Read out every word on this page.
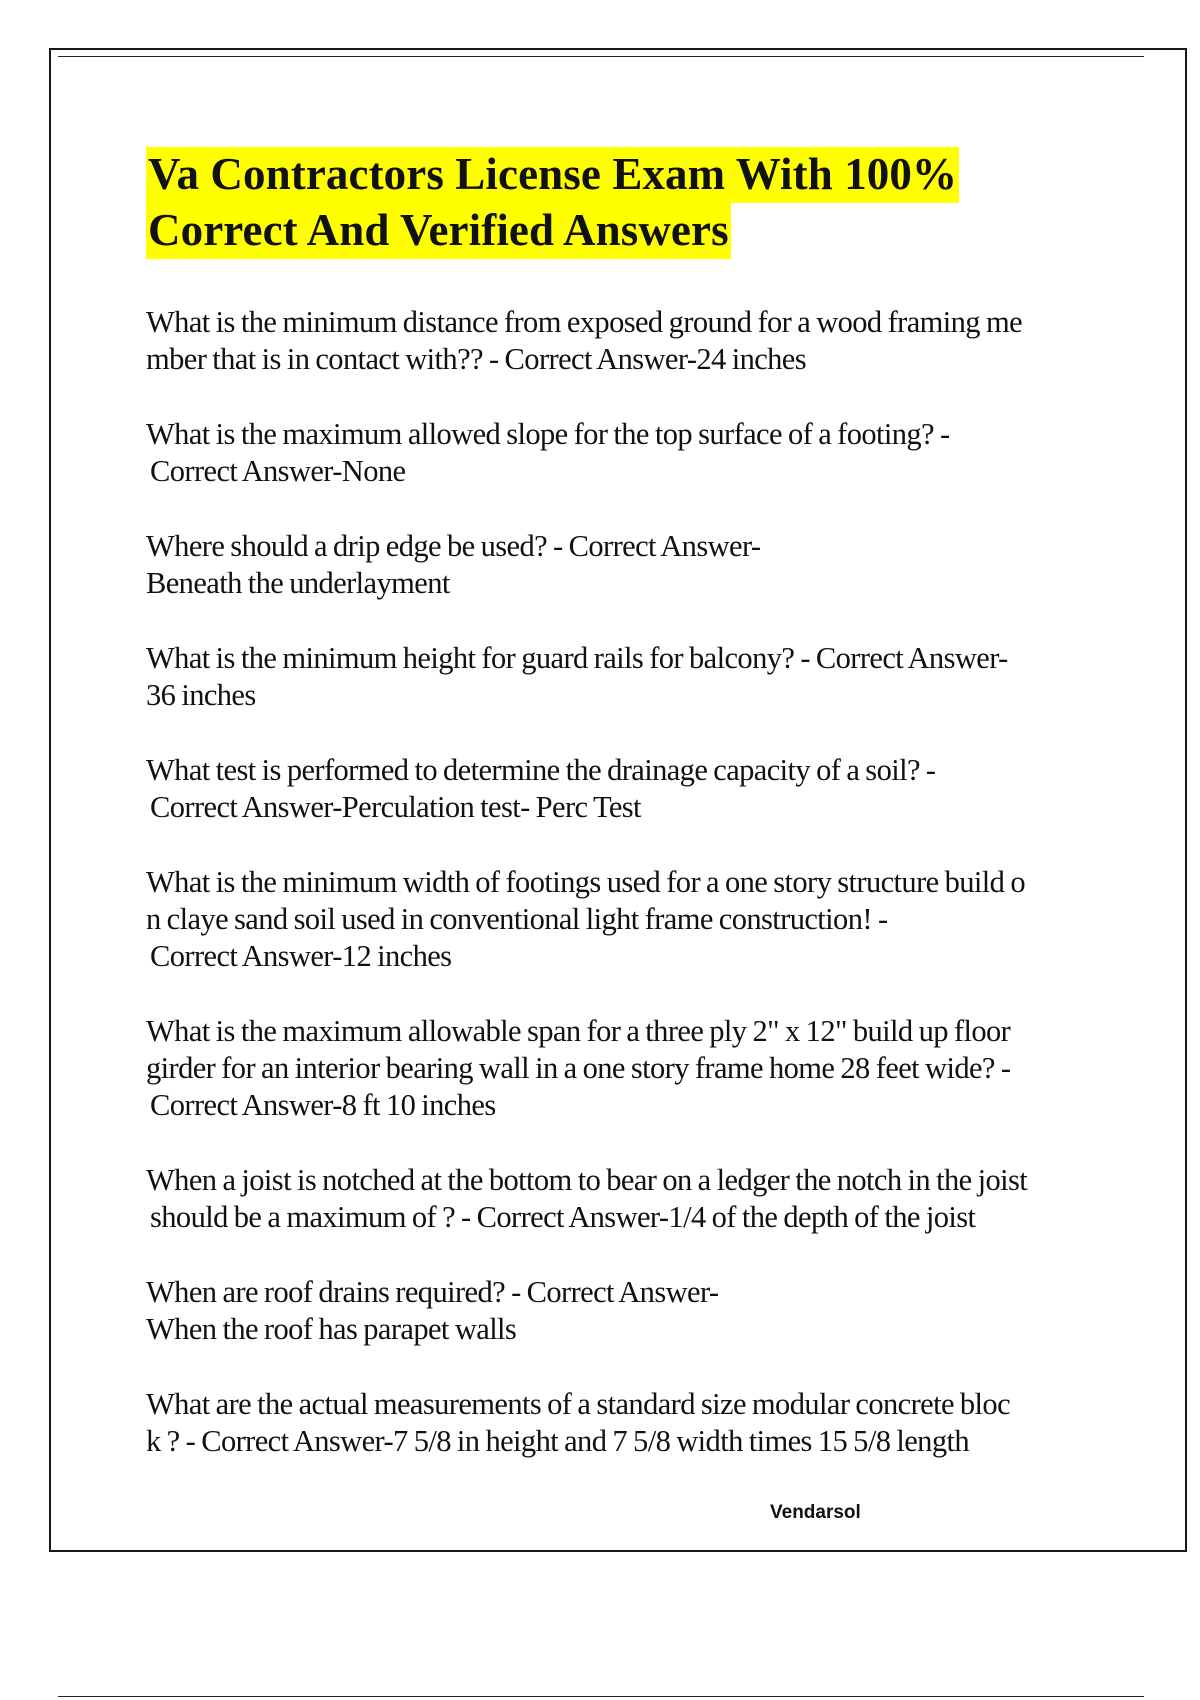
Va Contractors License Exam With 100%
Correct And Verified Answers
What is the minimum distance from exposed ground for a wood framing me
mber that is in contact with?? - Correct Answer-24 inches
What is the maximum allowed slope for the top surface of a footing? -
Correct Answer-None
Where should a drip edge be used? - Correct Answer-
Beneath the underlayment
What is the minimum height for guard rails for balcony? - Correct Answer-
36 inches
What test is performed to determine the drainage capacity of a soil? -
Correct Answer-Perculation test- Perc Test
What is the minimum width of footings used for a one story structure build o
n claye sand soil used in conventional light frame construction! -
Correct Answer-12 inches
What is the maximum allowable span for a three ply 2" x 12" build up floor
girder for an interior bearing wall in a one story frame home 28 feet wide? -
Correct Answer-8 ft 10 inches
When a joist is notched at the bottom to bear on a ledger the notch in the joist
should be a maximum of ? - Correct Answer-1/4 of the depth of the joist
When are roof drains required? - Correct Answer-
When the roof has parapet walls
What are the actual measurements of a standard size modular concrete bloc
k ? - Correct Answer-7 5/8 in height and 7 5/8 width times 15 5/8 length
Vendarsol
